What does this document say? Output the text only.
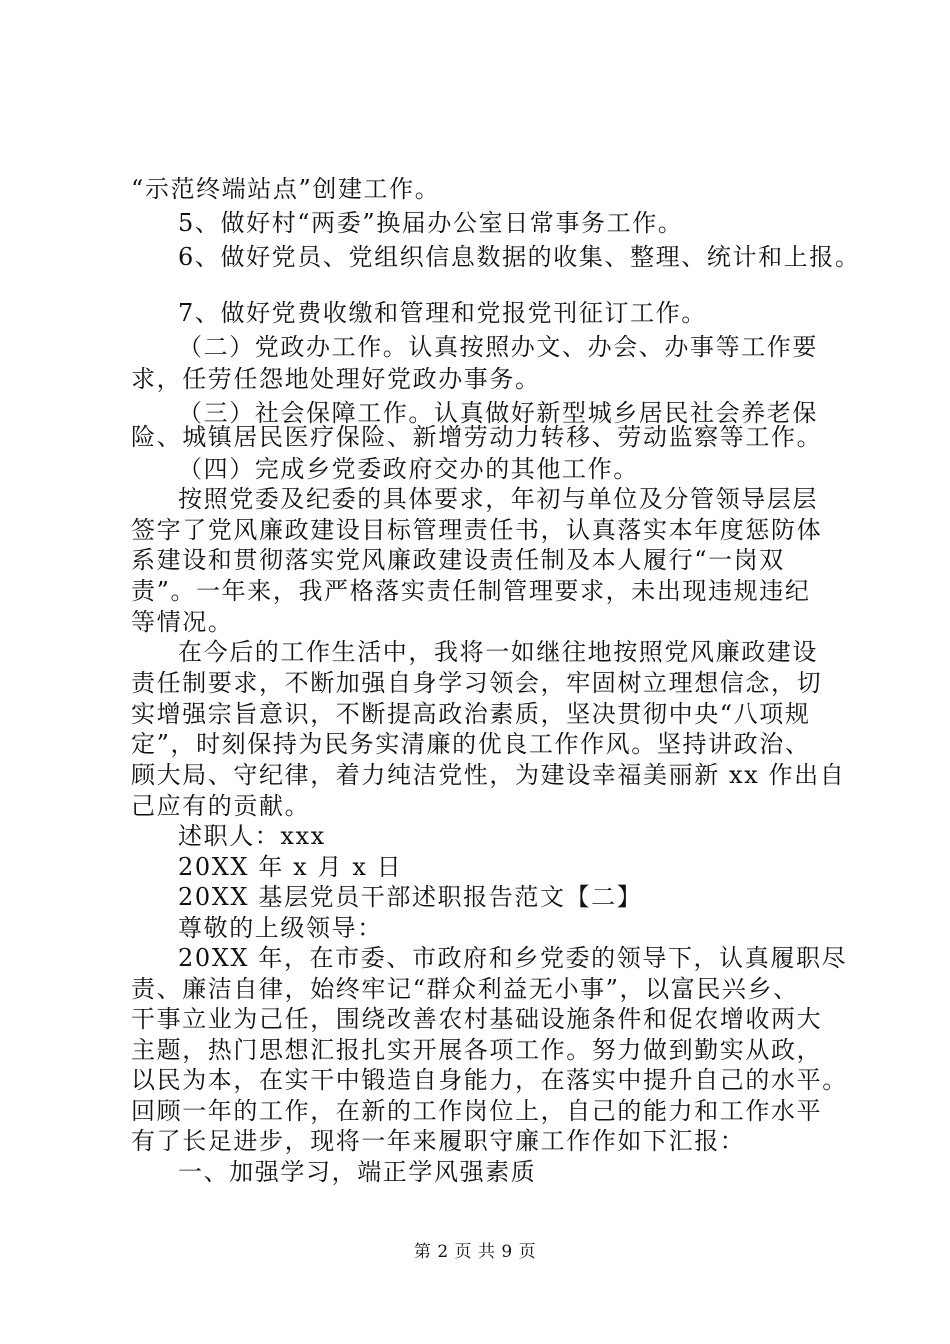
“示范终端站点”创建工作。
5、做好村“两委”换届办公室日常事务工作。
6、做好党员、党组织信息数据的收集、整理、统计和上报。
7、做好党费收缴和管理和党报党刊征订工作。
（二）党政办工作。认真按照办文、办会、办事等工作要
求，任劳任怨地处理好党政办事务。
（三）社会保障工作。认真做好新型城乡居民社会养老保
险、城镇居民医疗保险、新增劳动力转移、劳动监察等工作。
（四）完成乡党委政府交办的其他工作。
按照党委及纪委的具体要求，年初与单位及分管领导层层
签字了党风廉政建设目标管理责任书，认真落实本年度惩防体
系建设和贯彻落实党风廉政建设责任制及本人履行“一岗双
责”。一年来，我严格落实责任制管理要求，未出现违规违纪
等情况。
在今后的工作生活中，我将一如继往地按照党风廉政建设
责任制要求，不断加强自身学习领会，牢固树立理想信念，切
实增强宗旨意识，不断提高政治素质，坚决贯彻中央“八项规
定”，时刻保持为民务实清廉的优良工作作风。坚持讲政治、
顾大局、守纪律，着力纯洁党性，为建设幸福美丽新 xx 作出自
己应有的贡献。
述职人：xxx
20XX 年 x 月 x 日
20XX 基层党员干部述职报告范文【二】
尊敬的上级领导：
20XX 年，在市委、市政府和乡党委的领导下，认真履职尽
责、廉洁自律，始终牢记“群众利益无小事”，以富民兴乡、
干事立业为己任，围绕改善农村基础设施条件和促农增收两大
主题，热门思想汇报扎实开展各项工作。努力做到勤实从政，
以民为本，在实干中锻造自身能力，在落实中提升自己的水平。
回顾一年的工作，在新的工作岗位上，自己的能力和工作水平
有了长足进步，现将一年来履职守廉工作作如下汇报：
一、加强学习，端正学风强素质
第 2 页 共 9 页
